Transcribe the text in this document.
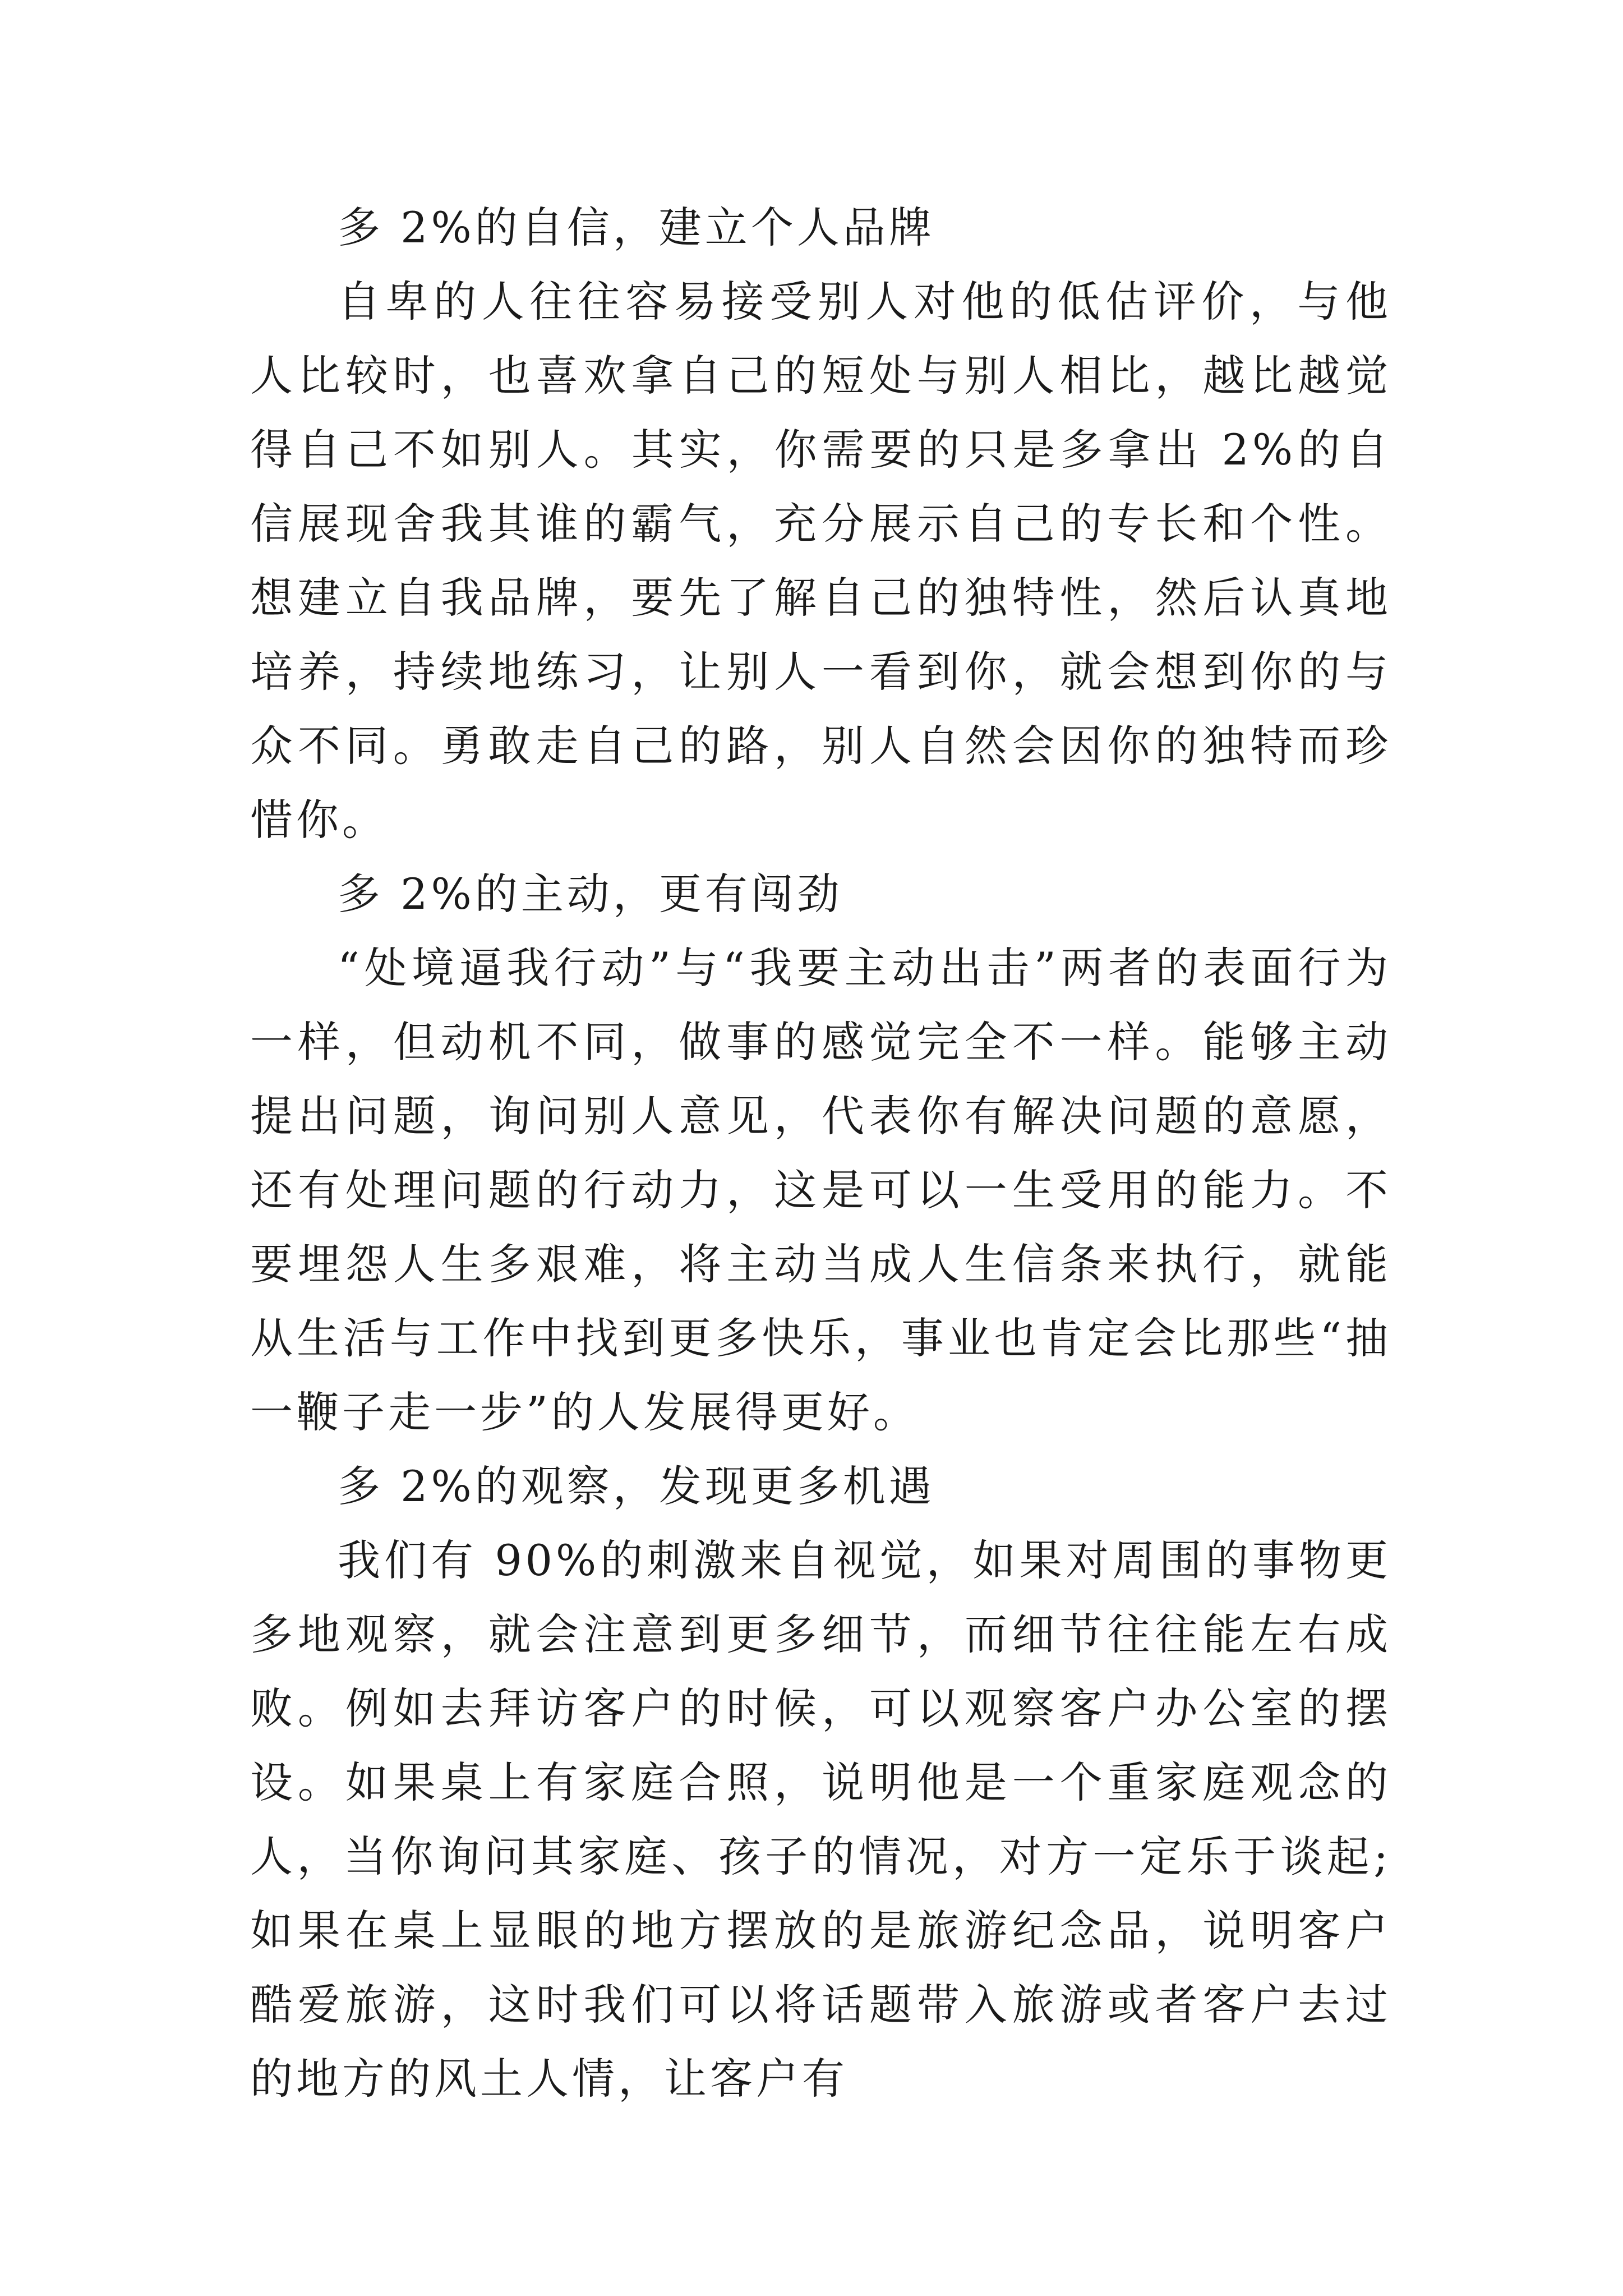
多 2%的自信，建立个人品牌

自卑的人往往容易接受别人对他的低估评价，与他人比较时，也喜欢拿自己的短处与别人相比，越比越觉得自己不如别人。其实，你需要的只是多拿出 2%的自信展现舍我其谁的霸气，充分展示自己的专长和个性。想建立自我品牌，要先了解自己的独特性，然后认真地培养，持续地练习，让别人一看到你，就会想到你的与众不同。勇敢走自己的路，别人自然会因你的独特而珍惜你。

多 2%的主动，更有闯劲

“处境逼我行动”与“我要主动出击”两者的表面行为一样，但动机不同，做事的感觉完全不一样。能够主动提出问题，询问别人意见，代表你有解决问题的意愿，还有处理问题的行动力，这是可以一生受用的能力。不要埋怨人生多艰难，将主动当成人生信条来执行，就能从生活与工作中找到更多快乐，事业也肯定会比那些“抽一鞭子走一步”的人发展得更好。

多 2%的观察，发现更多机遇

我们有 90%的刺激来自视觉，如果对周围的事物更多地观察，就会注意到更多细节，而细节往往能左右成败。例如去拜访客户的时候，可以观察客户办公室的摆设。如果桌上有家庭合照，说明他是一个重家庭观念的人，当你询问其家庭、孩子的情况，对方一定乐于谈起;如果在桌上显眼的地方摆放的是旅游纪念品，说明客户酷爱旅游，这时我们可以将话题带入旅游或者客户去过的地方的风土人情，让客户有
